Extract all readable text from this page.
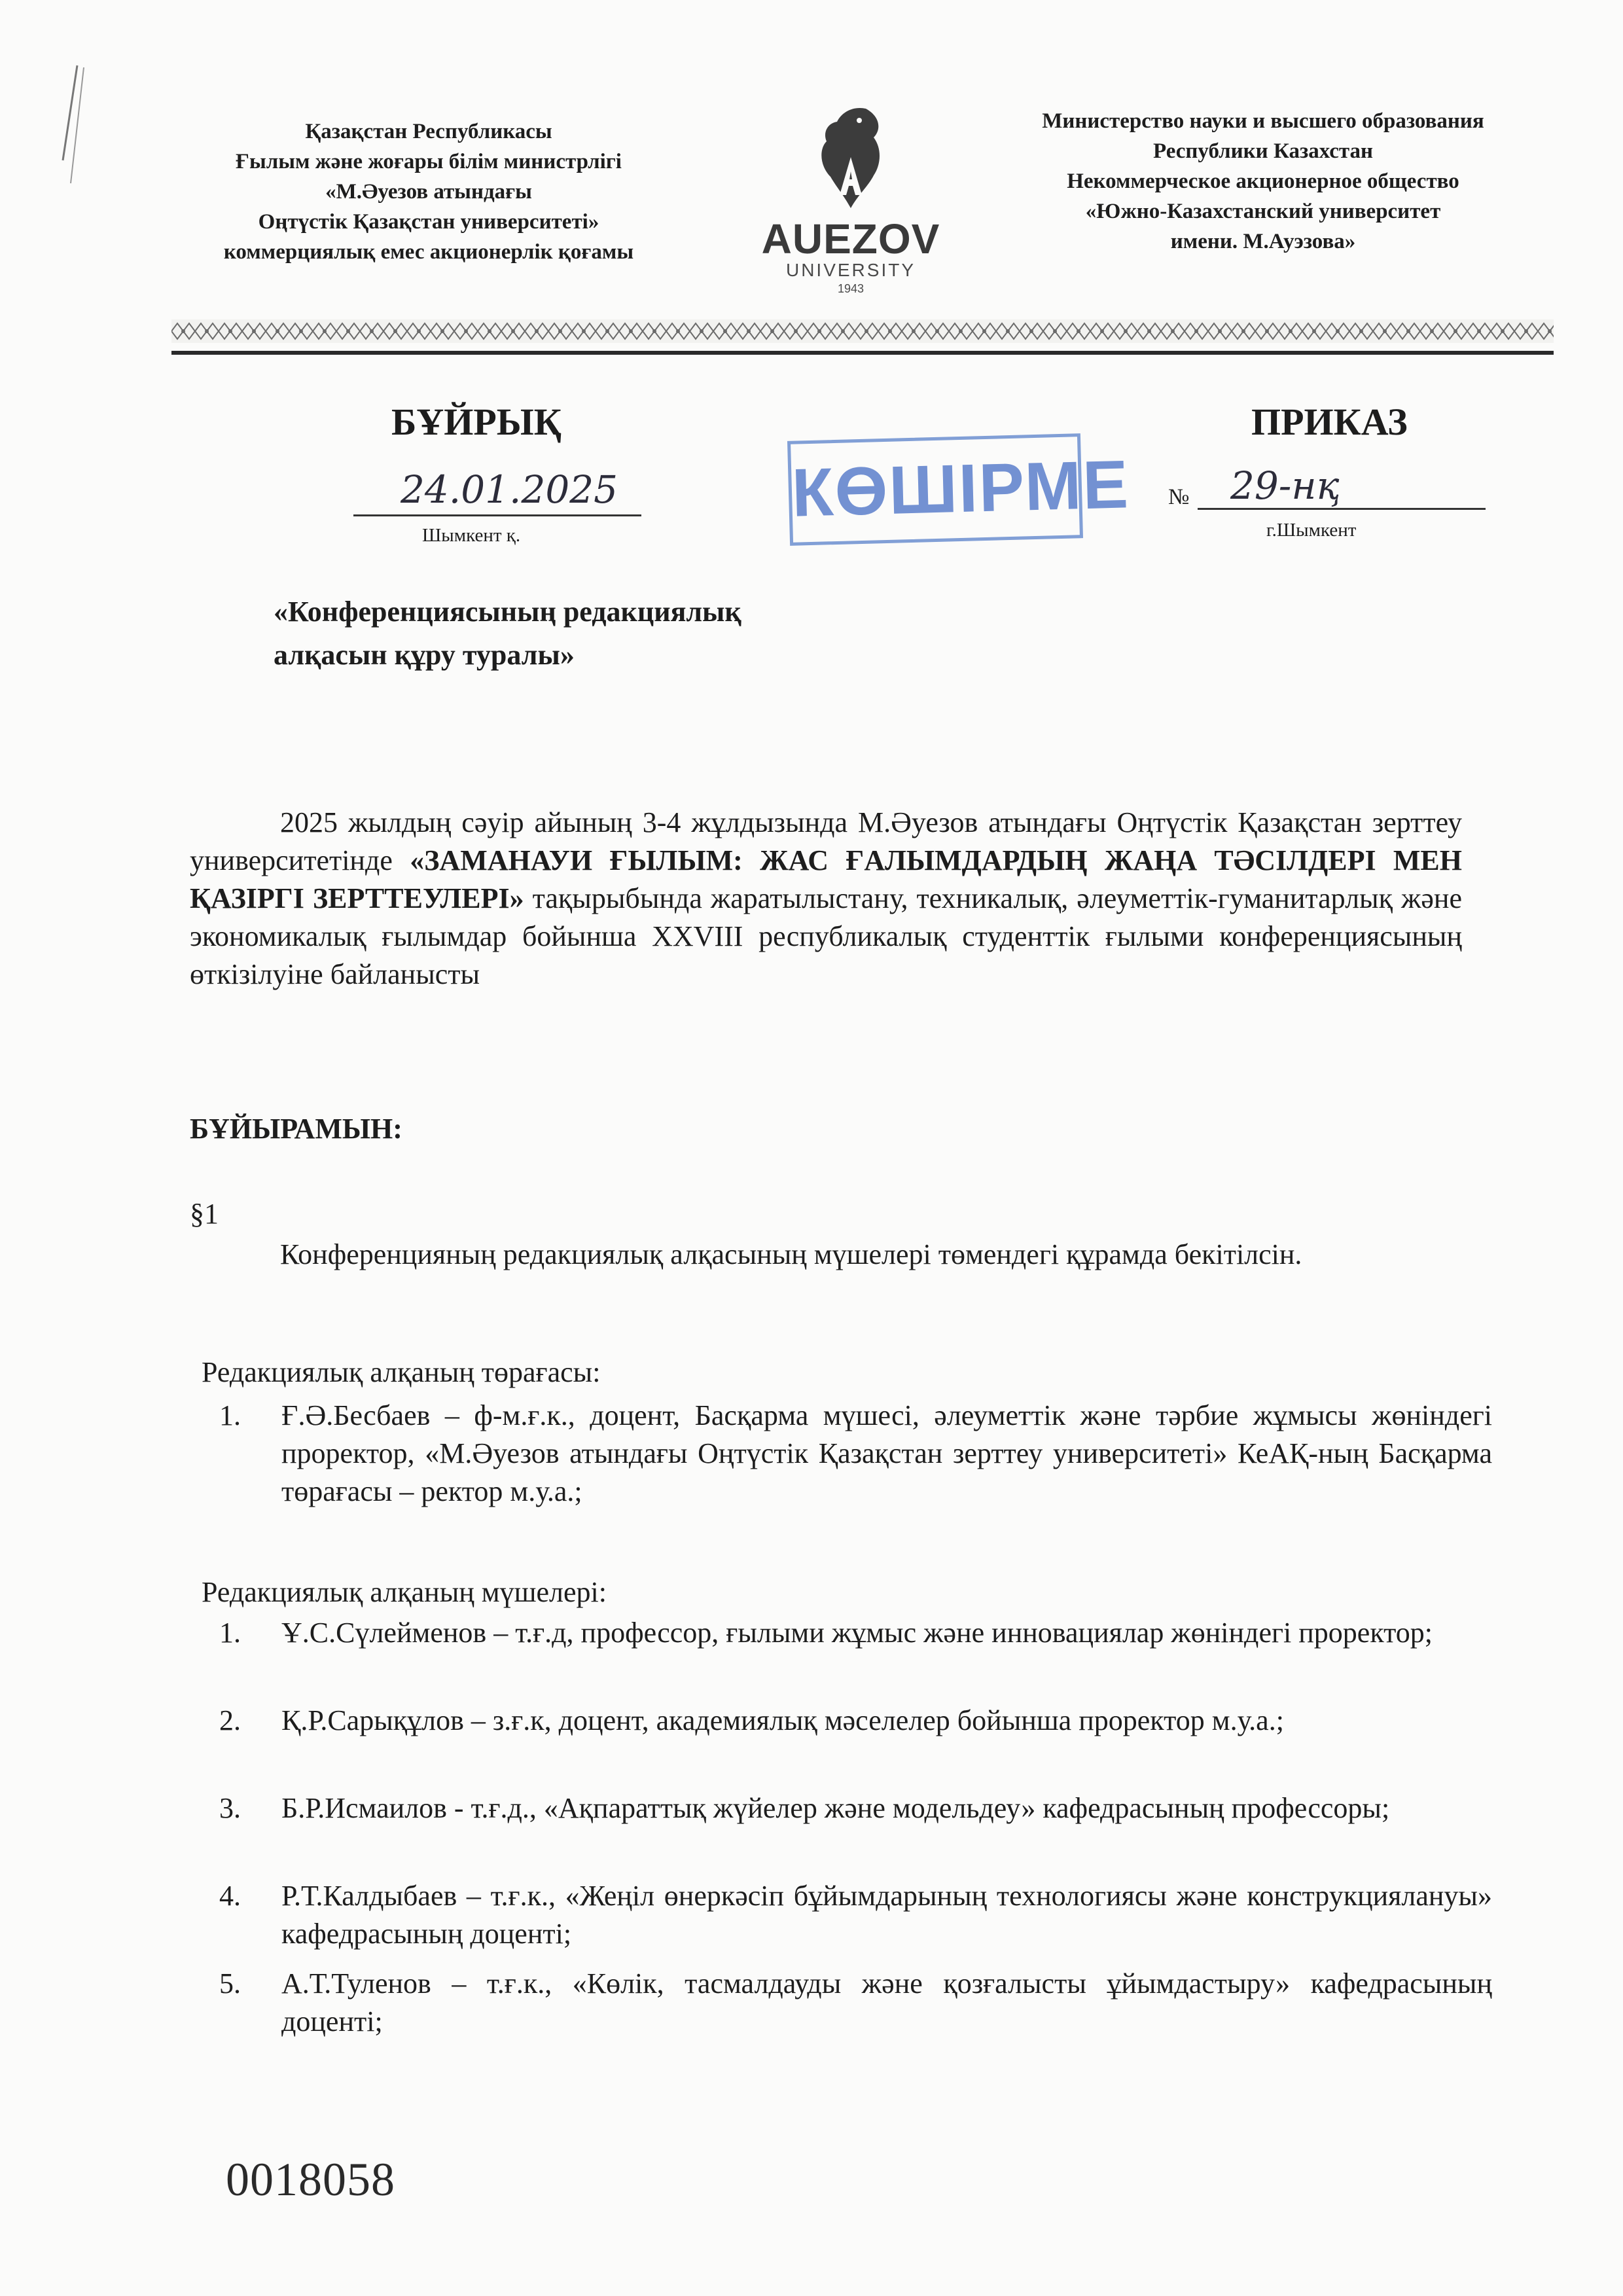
Қазақстан Республикасы
Ғылым және жоғары білім министрлігі
«М.Әуезов атындағы
Оңтүстік Қазақстан университеті»
коммерциялық емес акционерлік қоғамы	AUEZOV
UNIVERSITY
1943
Министерство науки и высшего образования
Республики Казахстан
Некоммерческое акционерное общество
«Южно-Казахстанский университет
имени. М.Ауэзова»
БҰЙРЫҚ	ПРИКАЗ
24.01.2025
Шымкент қ.
КӨШІРМЕ № 29-нқ
г.Шымкент
«Конференциясының редакциялық
алқасын құру туралы»
2025 жылдың сәуір айының 3-4 жұлдызында М.Әуезов атындағы Оңтүстік Қазақстан зерттеу университетінде «ЗАМАНАУИ ҒЫЛЫМ: ЖАС ҒАЛЫМДАРДЫҢ ЖАҢА ТӘСІЛДЕРІ МЕН ҚАЗІРГІ ЗЕРТТЕУЛЕРІ» тақырыбында жаратылыстану, техникалық, әлеуметтік-гуманитарлық және экономикалық ғылымдар бойынша XXVIII республикалық студенттік ғылыми конференциясының өткізілуіне байланысты
БҰЙЫРАМЫН:
§1
Конференцияның редакциялық алқасының мүшелері төмендегі құрамда бекітілсін.
Редакциялық алқаның төрағасы:
1.	Ғ.Ә.Бесбаев – ф-м.ғ.к., доцент, Басқарма мүшесі, әлеуметтік және тәрбие жұмысы жөніндегі проректор, «М.Әуезов атындағы Оңтүстік Қазақстан зерттеу университеті» КеАҚ-ның Басқарма төрағасы – ректор м.у.а.;
Редакциялық алқаның мүшелері:
1.	Ұ.С.Сүлейменов – т.ғ.д, профессор, ғылыми жұмыс және инновациялар жөніндегі проректор;
2.	Қ.Р.Сарықұлов – з.ғ.к, доцент, академиялық мәселелер бойынша проректор м.у.а.;
3.	Б.Р.Исмаилов - т.ғ.д., «Ақпараттық жүйелер және модельдеу» кафедрасының профессоры;
4.	Р.Т.Калдыбаев – т.ғ.к., «Жеңіл өнеркәсіп бұйымдарының технологиясы және конструкциялануы» кафедрасының доценті;
5.	А.Т.Туленов – т.ғ.к., «Көлік, тасмалдауды және қозғалысты ұйымдастыру» кафедрасының доценті;
0018058
